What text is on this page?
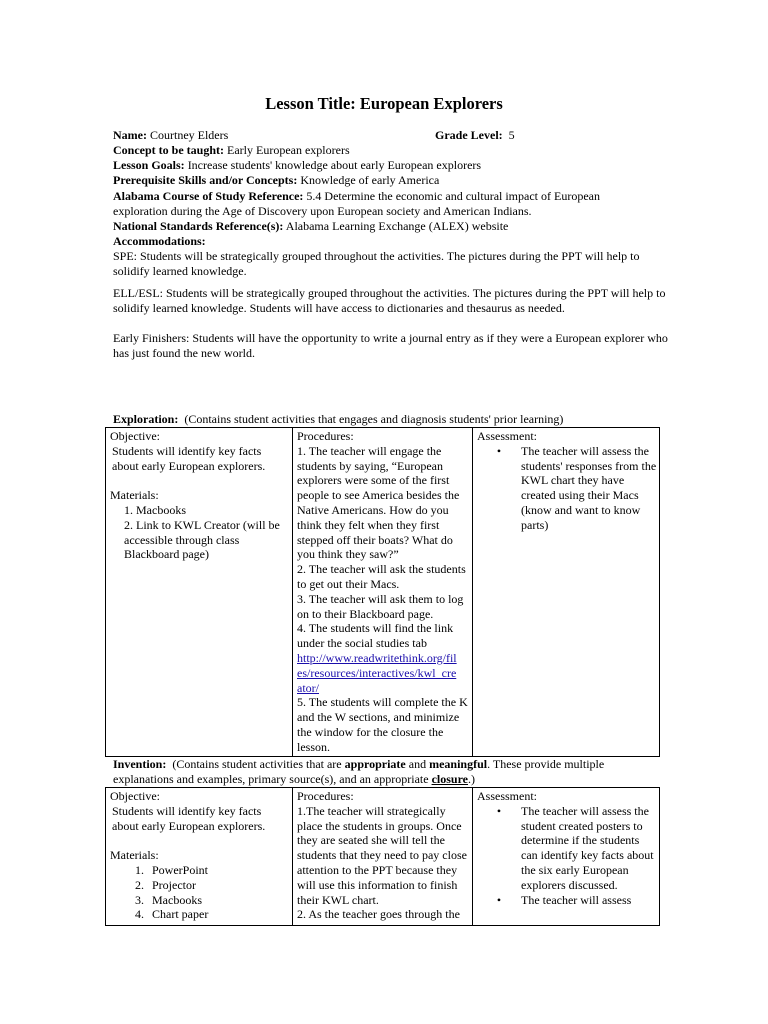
Lesson Title: European Explorers
Name: Courtney Elders	Grade Level: 5
Concept to be taught: Early European explorers
Lesson Goals: Increase students' knowledge about early European explorers
Prerequisite Skills and/or Concepts: Knowledge of early America
Alabama Course of Study Reference: 5.4 Determine the economic and cultural impact of European
exploration during the Age of Discovery upon European society and American Indians.
National Standards Reference(s): Alabama Learning Exchange (ALEX) website
Accommodations:
SPE: Students will be strategically grouped throughout the activities. The pictures during the PPT will help to solidify learned knowledge.
ELL/ESL: Students will be strategically grouped throughout the activities. The pictures during the PPT will help to solidify learned knowledge. Students will have access to dictionaries and thesaurus as needed.
Early Finishers: Students will have the opportunity to write a journal entry as if they were a European explorer who has just found the new world.
Exploration: (Contains student activities that engages and diagnosis students' prior learning)
Objective:
Students will identify key facts about early European explorers.
Materials:
1. Macbooks
2. Link to KWL Creator (will be accessible through class Blackboard page)

Procedures:
1. The teacher will engage the students by saying, “European explorers were some of the first people to see America besides the Native Americans. How do you think they felt when they first stepped off their boats? What do you think they saw?”
2. The teacher will ask the students to get out their Macs.
3. The teacher will ask them to log on to their Blackboard page.
4. The students will find the link under the social studies tab
http://www.readwritethink.org/fil
es/resources/interactives/kwl_cre
ator/
5. The students will complete the K and the W sections, and minimize the window for the closure the lesson.

Assessment:
•	The teacher will assess the students' responses from the KWL chart they have created using their Macs (know and want to know parts)
Invention: (Contains student activities that are appropriate and meaningful. These provide multiple explanations and examples, primary source(s), and an appropriate closure.)
Objective:
Students will identify key facts about early European explorers.
Materials:
1. PowerPoint
2. Projector
3. Macbooks
4. Chart paper

Procedures:
1.The teacher will strategically place the students in groups. Once they are seated she will tell the students that they need to pay close attention to the PPT because they will use this information to finish their KWL chart.
2. As the teacher goes through the

Assessment:
•	The teacher will assess the student created posters to determine if the students can identify key facts about the six early European explorers discussed.
•	The teacher will assess
